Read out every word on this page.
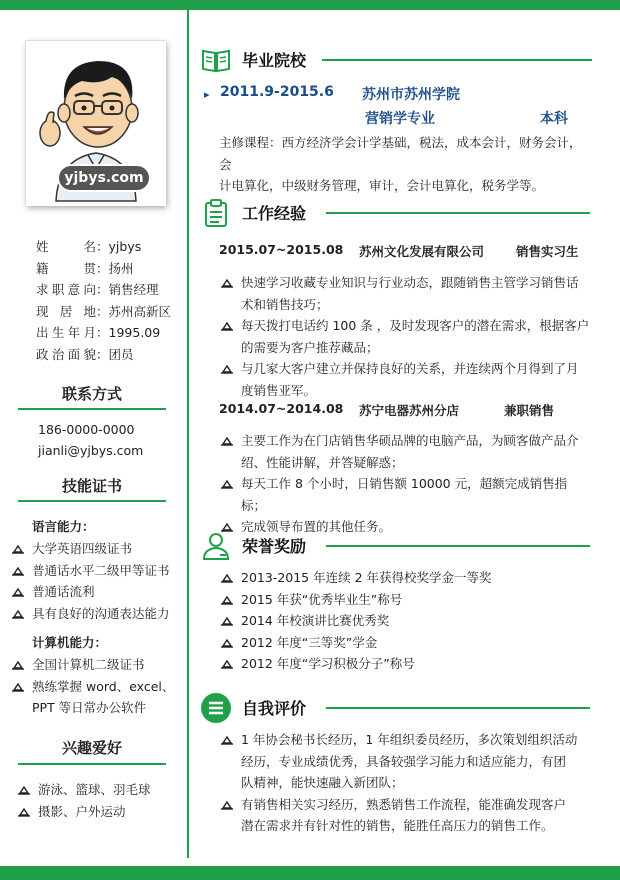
yjbys.com
姓 名：yjbys
籍 贯：扬州
求职意向：销售经理
现 居 地：苏州高新区
出生年月：1995.09
政治面貌：团员
联系方式
186-0000-0000
jianli@yjbys.com
技能证书
语言能力：
大学英语四级证书
普通话水平二级甲等证书
普通话流利
具有良好的沟通表达能力
计算机能力：
全国计算机二级证书
熟练掌握 word、excel、
PPT 等日常办公软件
兴趣爱好
游泳、篮球、羽毛球
摄影、户外运动
毕业院校
▸ 2011.9-2015.6 苏州市苏州学院
营销学专业	本科
主修课程：西方经济学会计学基础，税法，成本会计，财务会计，会
计电算化，中级财务管理，审计，会计电算化，税务学等。
工作经验
2015.07~2015.08 苏州文化发展有限公司	销售实习生
快速学习收藏专业知识与行业动态，跟随销售主管学习销售话
术和销售技巧；
每天拨打电话约 100 条 ，及时发现客户的潜在需求，根据客户
的需要为客户推荐藏品；
与几家大客户建立并保持良好的关系，并连续两个月得到了月
度销售亚军。
2014.07~2014.08 苏宁电器苏州分店	兼职销售
主要工作为在门店销售华硕品牌的电脑产品，为顾客做产品介
绍、性能讲解，并答疑解惑；
每天工作 8 个小时，日销售额 10000 元，超额完成销售指标；
完成领导布置的其他任务。
荣誉奖励
2013-2015 年连续 2 年获得校奖学金一等奖
2015 年获“优秀毕业生”称号
2014 年校演讲比赛优秀奖
2012 年度“三等奖”学金
2012 年度“学习积极分子”称号
自我评价
1 年协会秘书长经历，1 年组织委员经历，多次策划组织活动
经历，专业成绩优秀，具备较强学习能力和适应能力，有团
队精神，能快速融入新团队；
有销售相关实习经历，熟悉销售工作流程，能准确发现客户
潜在需求并有针对性的销售，能胜任高压力的销售工作。
